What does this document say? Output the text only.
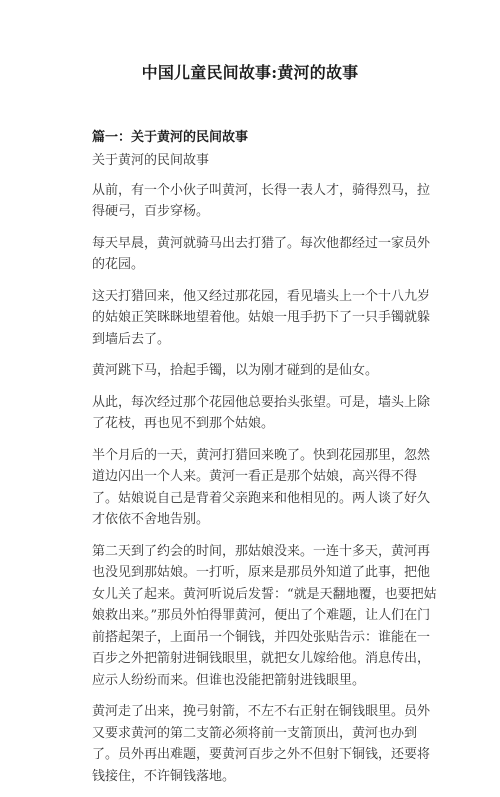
中国儿童民间故事:黄河的故事
篇一：关于黄河的民间故事

关于黄河的民间故事

从前，有一个小伙子叫黄河，长得一表人才，骑得烈马，拉得硬弓，百步穿杨。

每天早晨，黄河就骑马出去打猎了。每次他都经过一家员外的花园。

这天打猎回来，他又经过那花园，看见墙头上一个十八九岁的姑娘正笑眯眯地望着他。姑娘一甩手扔下了一只手镯就躲到墙后去了。

黄河跳下马，拾起手镯，以为刚才碰到的是仙女。

从此，每次经过那个花园他总要抬头张望。可是，墙头上除了花枝，再也见不到那个姑娘。

半个月后的一天，黄河打猎回来晚了。快到花园那里，忽然道边闪出一个人来。黄河一看正是那个姑娘，高兴得不得了。姑娘说自己是背着父亲跑来和他相见的。两人谈了好久才依依不舍地告别。

第二天到了约会的时间，那姑娘没来。一连十多天，黄河再也没见到那姑娘。一打听，原来是那员外知道了此事，把他女儿关了起来。黄河听说后发誓：“就是天翻地覆，也要把姑娘救出来。”那员外怕得罪黄河，便出了个难题，让人们在门前搭起架子，上面吊一个铜钱，并四处张贴告示：谁能在一百步之外把箭射进铜钱眼里，就把女儿嫁给他。消息传出，应示人纷纷而来。但谁也没能把箭射进钱眼里。

黄河走了出来，挽弓射箭，不左不右正射在铜钱眼里。员外又要求黄河的第二支箭必须将前一支箭顶出，黄河也办到了。员外再出难题，要黄河百步之外不但射下铜钱，还要将钱接住，不许铜钱落地。
